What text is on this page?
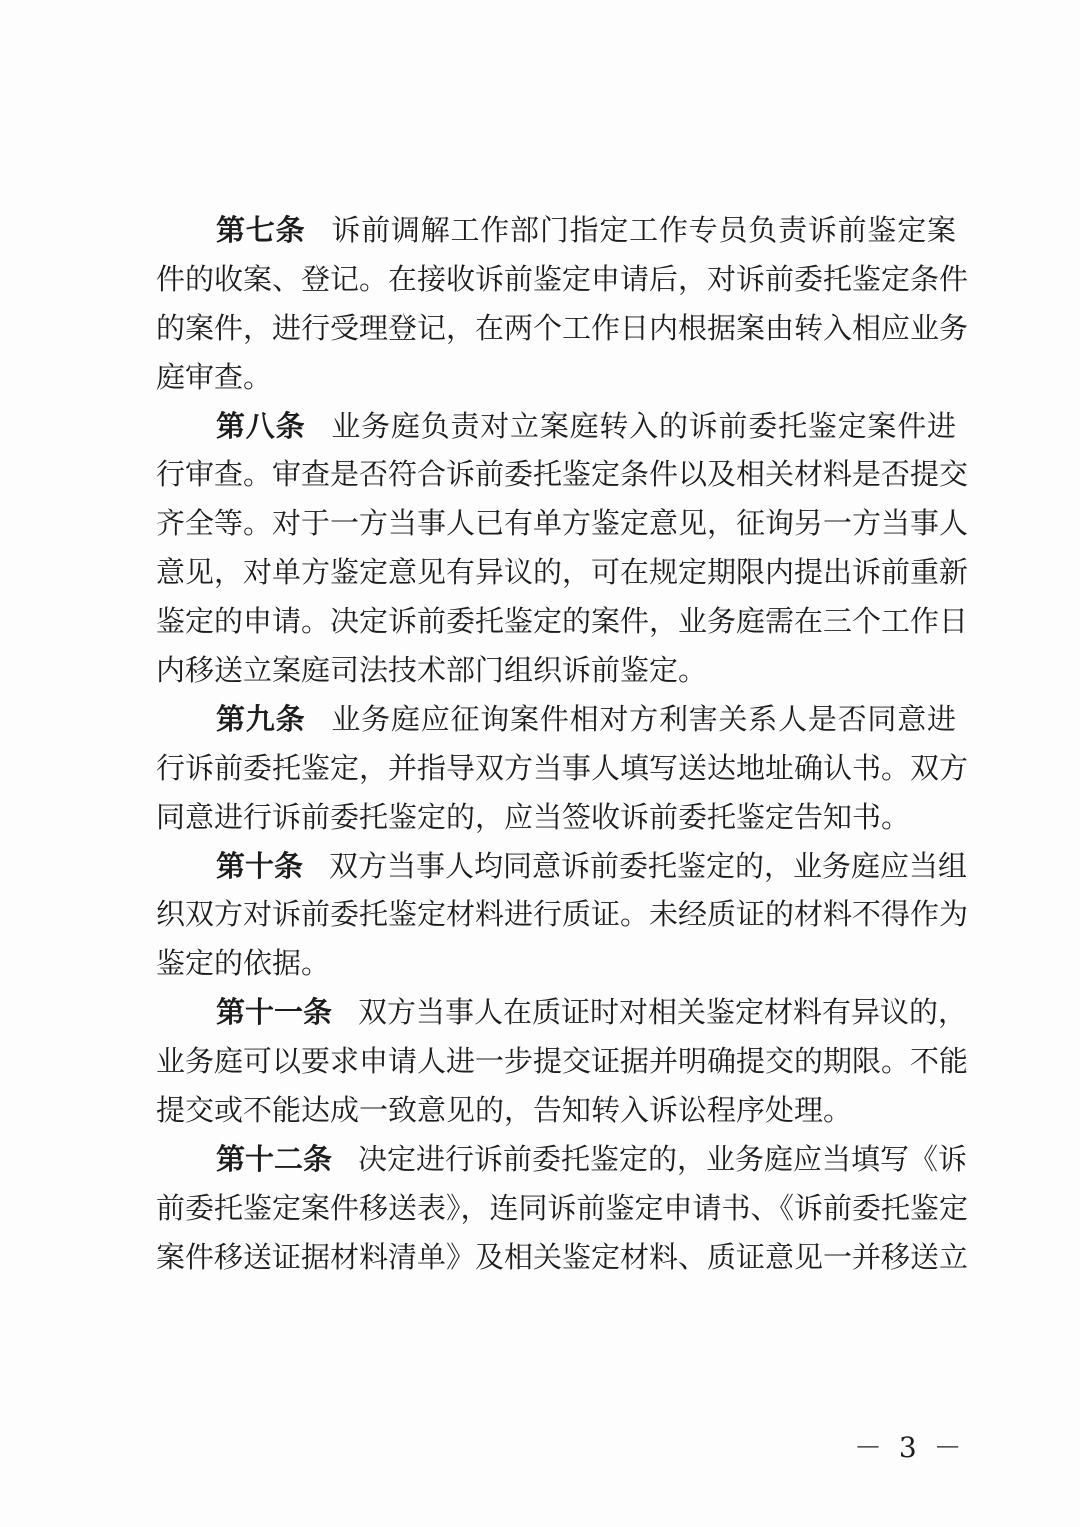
第七条 诉前调解工作部门指定工作专员负责诉前鉴定案
件的收案、登记。在接收诉前鉴定申请后，对诉前委托鉴定条件
的案件，进行受理登记，在两个工作日内根据案由转入相应业务
庭审查。
第八条 业务庭负责对立案庭转入的诉前委托鉴定案件进
行审查。审查是否符合诉前委托鉴定条件以及相关材料是否提交
齐全等。对于一方当事人已有单方鉴定意见，征询另一方当事人
意见，对单方鉴定意见有异议的，可在规定期限内提出诉前重新
鉴定的申请。决定诉前委托鉴定的案件，业务庭需在三个工作日
内移送立案庭司法技术部门组织诉前鉴定。
第九条 业务庭应征询案件相对方利害关系人是否同意进
行诉前委托鉴定，并指导双方当事人填写送达地址确认书。双方
同意进行诉前委托鉴定的，应当签收诉前委托鉴定告知书。
第十条 双方当事人均同意诉前委托鉴定的，业务庭应当组
织双方对诉前委托鉴定材料进行质证。未经质证的材料不得作为
鉴定的依据。
第十一条 双方当事人在质证时对相关鉴定材料有异议的，
业务庭可以要求申请人进一步提交证据并明确提交的期限。不能
提交或不能达成一致意见的，告知转入诉讼程序处理。
第十二条 决定进行诉前委托鉴定的，业务庭应当填写《诉
前委托鉴定案件移送表》，连同诉前鉴定申请书、《诉前委托鉴定
案件移送证据材料清单》及相关鉴定材料、质证意见一并移送立
－ 3 －
